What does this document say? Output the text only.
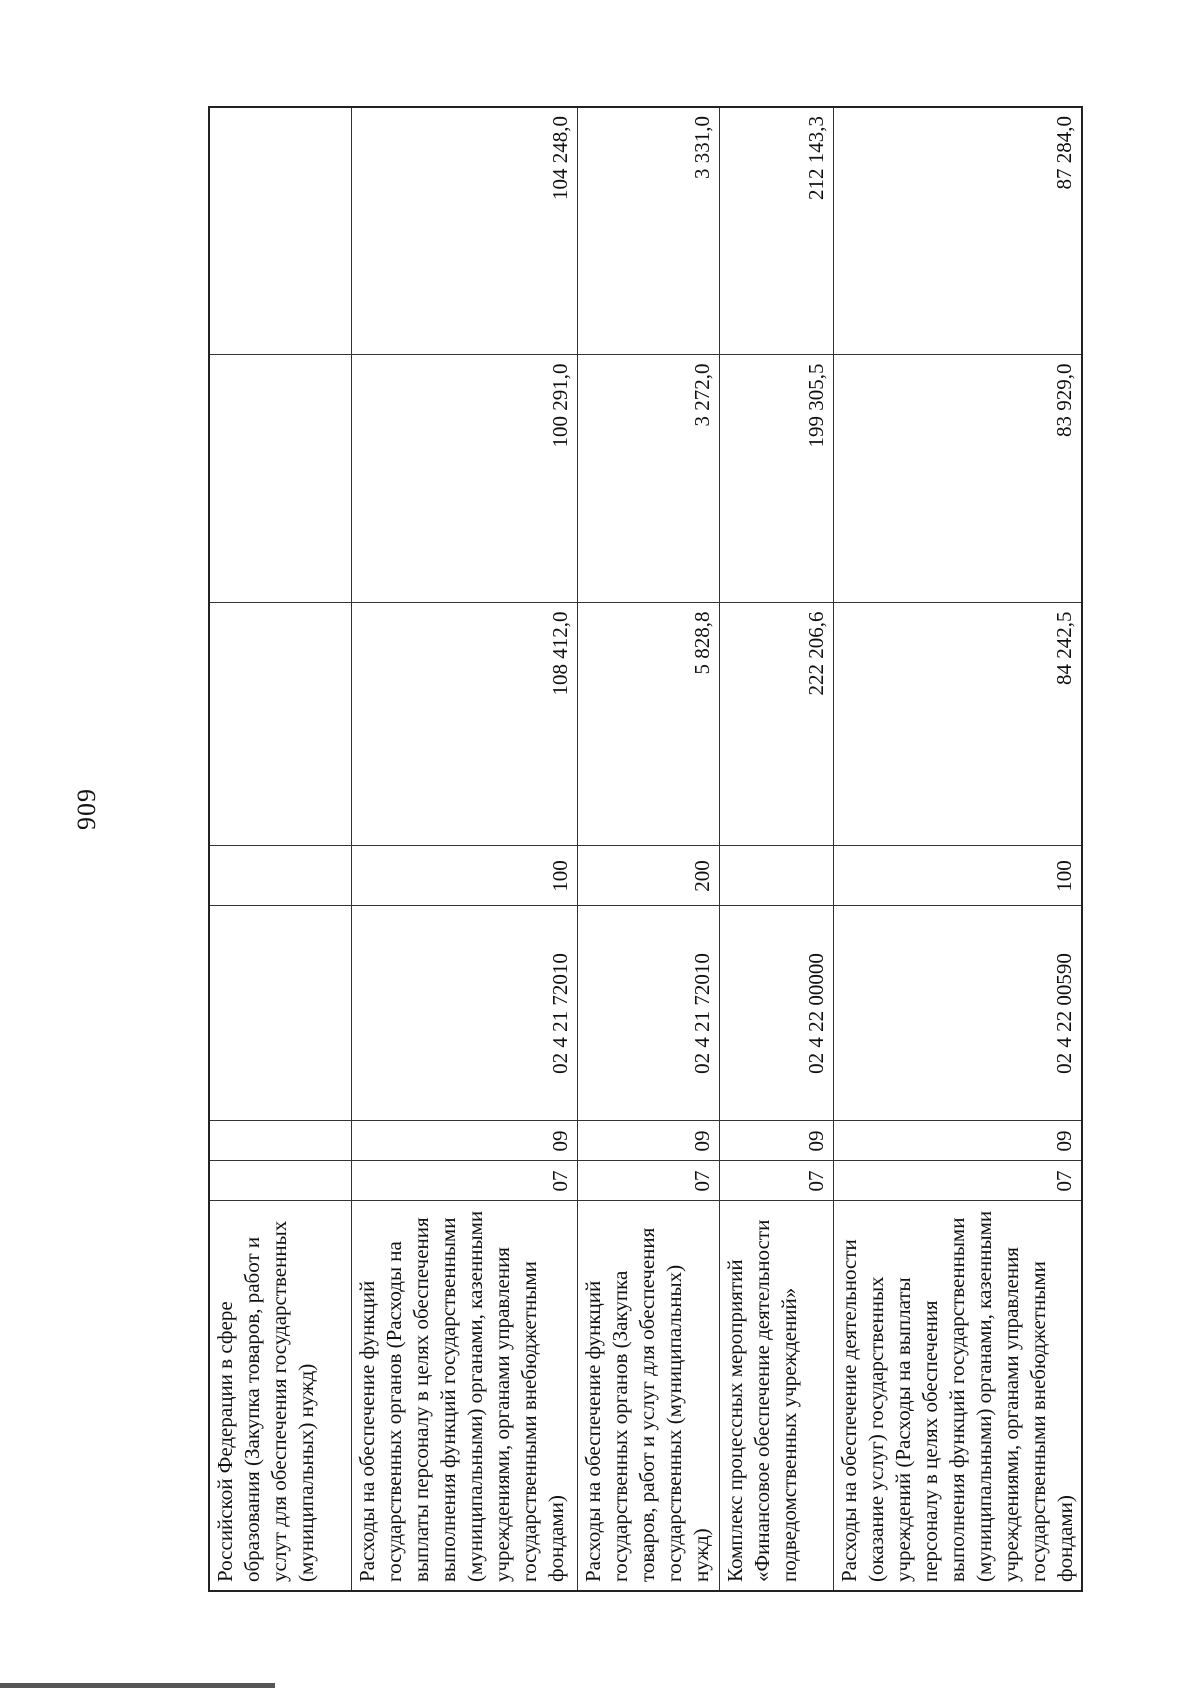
909
Российской Федерации в сфере образования (Закупка товаров, работ и услут для обеспечения государственных (муниципальных) нужд)							
Расходы на обеспечение функций государственных органов (Расходы на выплаты персоналу в целях обеспечения выполнения функций государственными (муниципальными) органами, казенными учреждениями, органами управления государственными внебюджетными фондами)	07	09	02 4 21 72010	100	108 412,0	100 291,0	104 248,0
Расходы на обеспечение функций государственных органов (Закупка товаров, работ и услуг для обеспечения государственных (муниципальных) нужд)	07	09	02 4 21 72010	200	5 828,8	3 272,0	3 331,0
Комплекс процессных мероприятий «Финансовое обеспечение деятельности подведомственных учреждений»	07	09	02 4 22 00000		222 206,6	199 305,5	212 143,3
Расходы на обеспечение деятельности (оказание услуг) государственных учреждений (Расходы на выплаты персоналу в целях обеспечения выполнения функций государственными (муниципальными) органами, казенными учреждениями, органами управления государственными внебюджетными фондами)	07	09	02 4 22 00590	100	84 242,5	83 929,0	87 284,0
